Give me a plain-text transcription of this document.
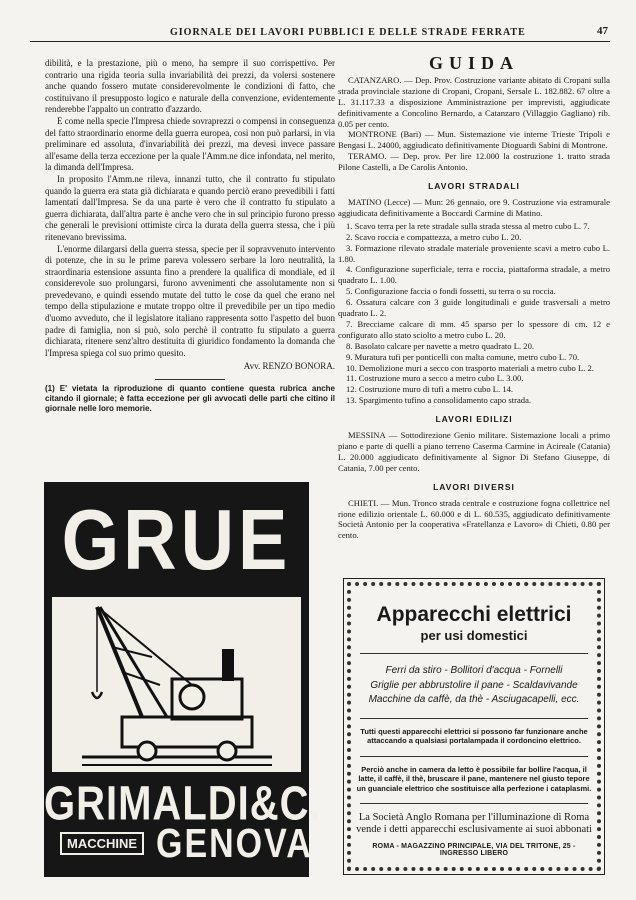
GIORNALE DEI LAVORI PUBBLICI E DELLE STRADE FERRATE	47

dibilità, e la prestazione, più o meno, ha sempre il suo corrispettivo. Per contrario una rigida teoria sulla invariabilità dei prezzi, da volersi sostenere anche quando fossero mutate considerevolmente le condizioni di fatto, che costituivano il presupposto logico e naturale della convenzione, evidentemente renderebbe l'appalto un contratto d'azzardo.

E come nella specie l'Impresa chiede sovraprezzi o compensi in conseguenza del fatto straordinario enorme della guerra europea, così non può parlarsi, in via preliminare ed assoluta, d'invariabilità dei prezzi, ma devesi invece passare all'esame della terza eccezione per la quale l'Amm.ne dice infondata, nel merito, la dimanda dell'Impresa.

In proposito l'Amm.ne rileva, innanzi tutto, che il contratto fu stipulato quando la guerra era stata già dichiarata e quando perciò erano prevedibili i fatti lamentati dall'Impresa. Se da una parte è vero che il contratto fu stipulato a guerra dichiarata, dall'altra parte è anche vero che in sul principio furono presso che generali le previsioni ottimiste circa la durata della guerra stessa, che i più ritenevano brevissima.

L'enorme dilargarsi della guerra stessa, specie per il sopravvenuto intervento di potenze, che in su le prime pareva volessero serbare la loro neutralità, la straordinaria estensione assunta fino a prendere la qualifica di mondiale, ed il considerevole suo prolungarsi, furono avvenimenti che assolutamente non si prevedevano, e quindi essendo mutate del tutto le cose da quel che erano nel tempo della stipulazione e mutate troppo oltre il prevedibile per un tipo medio d'uomo avveduto, che il legislatore italiano rappresenta sotto l'aspetto del buon padre di famiglia, non si può, solo perchè il contratto fu stipulato a guerra dichiarata, ritenere senz'altro destituita di giuridico fondamento la domanda che l'Impresa spiega col suo primo quesito.

Avv. RENZO BONORA.
(1) E' vietata la riproduzione di quanto contiene questa rubrica anche citando il giornale; è fatta eccezione per gli avvocati delle parti che citino il giornale nelle loro memorie.
GUIDA

CATANZARO. — Dep. Prov. Costruzione variante abitato di Cropani sulla strada provinciale stazione di Cropani, Cropani, Sersale L. 182.882. 67 oltre a L. 31.117.33 a disposizione Amministrazione per imprevisti, aggiudicate definitivamente a Concolino Bernardo, a Catanzaro (Villaggio Gagliano) rib. 0.05 per cento.

MONTRONE (Bari) — Mun. Sistemazione vie interne Trieste Tripoli e Bengasi L. 24000, aggiudicato definitivamente Dioguardi Sabini di Montrone.

TERAMO. — Dep. prov. Per lire 12.000 la costruzione 1. tratto strada Pilone Castelli, a De Carolis Antonio.

LAVORI STRADALI

MATINO (Lecce) — Mun: 26 gennaio, ore 9. Costruzione via estramurale aggiudicata definitivamente a Boccardi Carmine di Matino.

1. Scavo terra per la rete stradale sulla strada stessa al metro cubo L. 7.
2. Scavo roccia e compattezza, a metro cubo L. 20.
3. Formazione rilevato stradale materiale proveniente scavi a metro cubo L. 1.80.
4. Configurazione superficiale, terra e roccia, piattaforma stradale, a metro quadrato L. 1.00.
5. Configurazione faccia o fondi fossetti, su terra o su roccia.
6. Ossatura calcare con 3 guide longitudinali e guide trasversali a metro quadrato L. 2.
7. Brecciame calcare di mm. 45 sparso per lo spessore di cm. 12 e configurato allo stato sciolto a metro cubo L. 20.
8. Basolato calcare per navette a metro quadrato L. 20.
9. Muratura tufi per ponticelli con malta comune, metro cubo L. 70.
10. Demolizione muri a secco con trasporto materiali a metro cubo L. 2.
11. Costruzione muro a secco a metro cubo L. 3.00.
12. Costruzione muro di tufi a metro cubo L. 14.
13. Spargimento tufino a consolidamento capo strada.
LAVORI EDILIZI

MESSINA — Sottodirezione Genio militare. Sistemazione locali a primo piano e parte di quelli a piano terreno Caserma Carmine in Acireale (Catania) L. 20.000 aggiudicato definitivamente al Signor Di Stefano Giuseppe, di Catania, 7.00 per cento.

LAVORI DIVERSI

CHIETI. — Mun. Tronco strada centrale e costruzione fogna collettrice nel rione edilizio orientale L. 60.000 e di L. 60.535, aggiudicato definitivamente Società Antonio per la cooperativa «Fratellanza e Lavoro» di Chieti, 0.80 per cento.

GRUE
GRIMALDI&C.
MACCHINE GENOVA
Apparecchi elettrici
per usi domestici
Ferri da stiro - Bollitori d'acqua - Fornelli
Griglie per abbrustolire il pane - Scaldavivande
Macchine da caffè, da thè - Asciugacapelli, ecc.
Tutti questi apparecchi elettrici si possono far funzionare anche attaccando a qualsiasi portalampada il cordoncino elettrico.
Perciò anche in camera da letto è possibile far bollire l'acqua, il latte, il caffè, il thè, bruscare il pane, mantenere nel giusto tepore un guanciale elettrico che sostituisce alla perfezione i cataplasmi.
La Società Anglo Romana per l'illuminazione di Roma vende i detti apparecchi esclusivamente ai suoi abbonati
ROMA - MAGAZZINO PRINCIPALE, VIA DEL TRITONE, 25 - INGRESSO LIBERO
